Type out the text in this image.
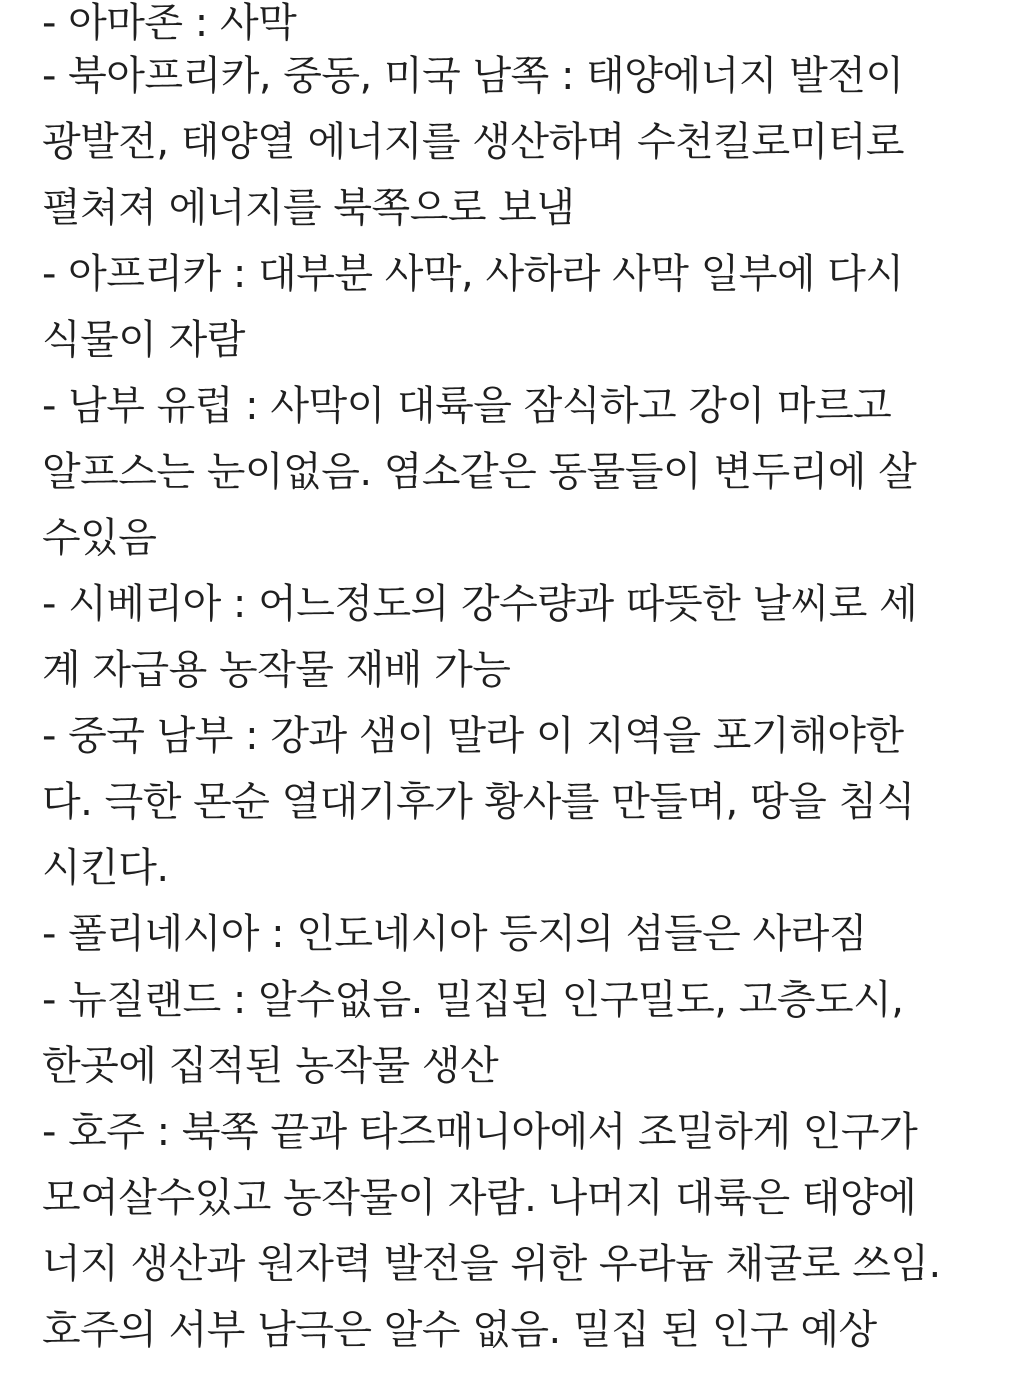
- 아마존 : 사막
- 북아프리카, 중동, 미국 남쪽 : 태양에너지 발전이
광발전, 태양열 에너지를 생산하며 수천킬로미터로
펼쳐져 에너지를 북쪽으로 보냄
- 아프리카 : 대부분 사막, 사하라 사막 일부에 다시
식물이 자람
- 남부 유럽 : 사막이 대륙을 잠식하고 강이 마르고
알프스는 눈이없음. 염소같은 동물들이 변두리에 살
수있음
- 시베리아 : 어느정도의 강수량과 따뜻한 날씨로 세
계 자급용 농작물 재배 가능
- 중국 남부 : 강과 샘이 말라 이 지역을 포기해야한
다. 극한 몬순 열대기후가 황사를 만들며, 땅을 침식
시킨다.
- 폴리네시아 : 인도네시아 등지의 섬들은 사라짐
- 뉴질랜드 : 알수없음. 밀집된 인구밀도, 고층도시,
한곳에 집적된 농작물 생산
- 호주 : 북쪽 끝과 타즈매니아에서 조밀하게 인구가
모여살수있고 농작물이 자람. 나머지 대륙은 태양에
너지 생산과 원자력 발전을 위한 우라늄 채굴로 쓰임.
호주의 서부 남극은 알수 없음. 밀집 된 인구 예상
